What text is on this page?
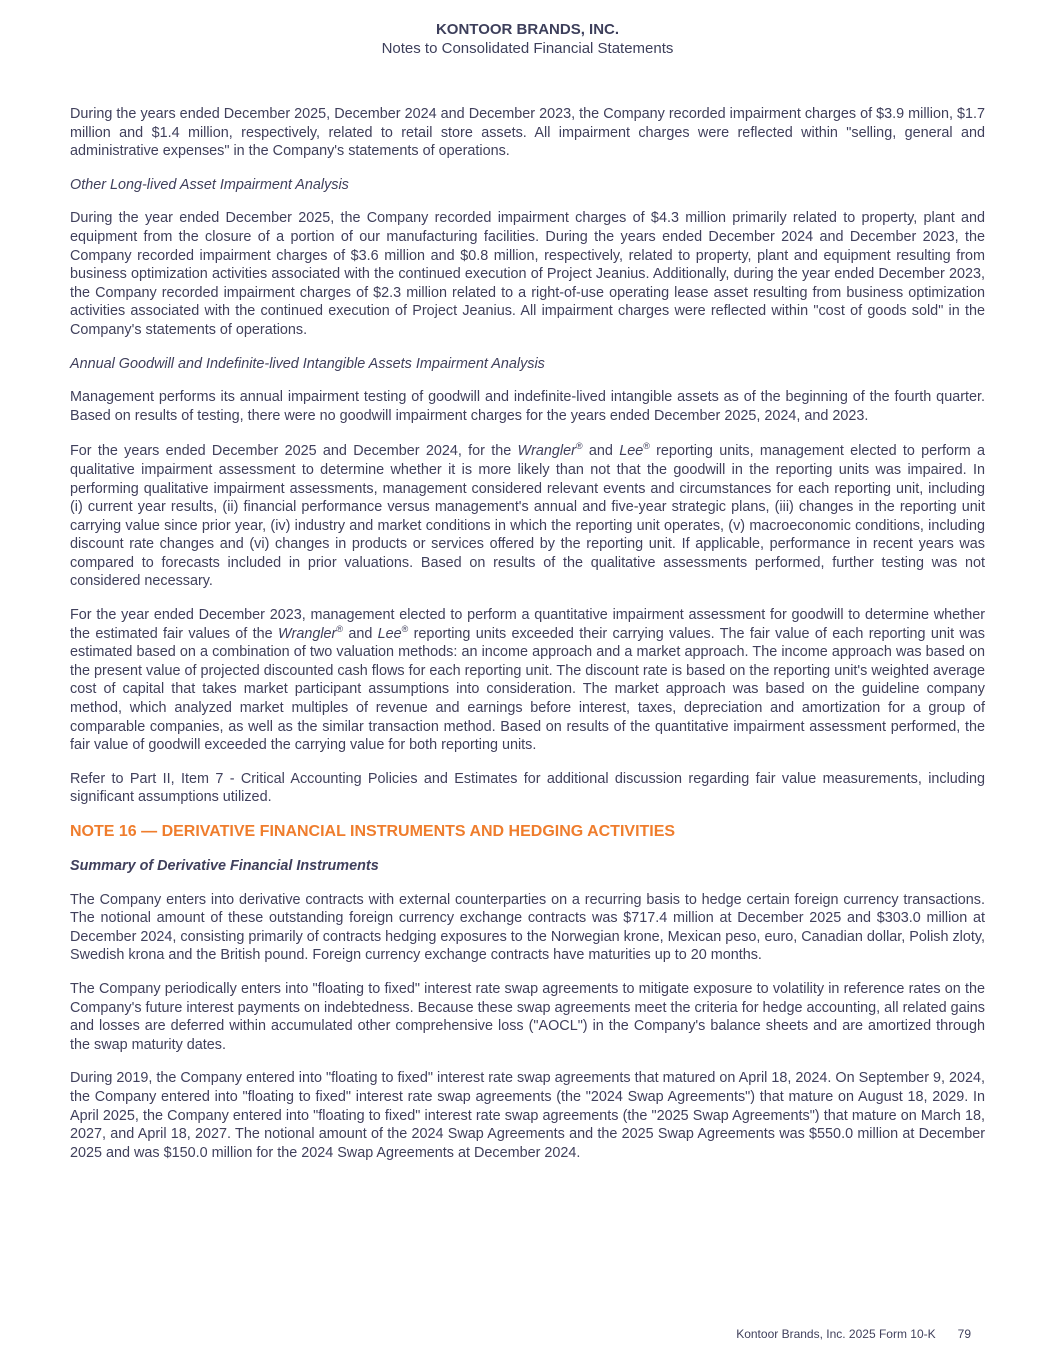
KONTOOR BRANDS, INC.
Notes to Consolidated Financial Statements

During the years ended December 2025, December 2024 and December 2023, the Company recorded impairment charges of $3.9 million, $1.7 million and $1.4 million, respectively, related to retail store assets. All impairment charges were reflected within "selling, general and administrative expenses" in the Company's statements of operations.

Other Long-lived Asset Impairment Analysis

During the year ended December 2025, the Company recorded impairment charges of $4.3 million primarily related to property, plant and equipment from the closure of a portion of our manufacturing facilities. During the years ended December 2024 and December 2023, the Company recorded impairment charges of $3.6 million and $0.8 million, respectively, related to property, plant and equipment resulting from business optimization activities associated with the continued execution of Project Jeanius. Additionally, during the year ended December 2023, the Company recorded impairment charges of $2.3 million related to a right-of-use operating lease asset resulting from business optimization activities associated with the continued execution of Project Jeanius. All impairment charges were reflected within "cost of goods sold" in the Company's statements of operations.

Annual Goodwill and Indefinite-lived Intangible Assets Impairment Analysis

Management performs its annual impairment testing of goodwill and indefinite-lived intangible assets as of the beginning of the fourth quarter. Based on results of testing, there were no goodwill impairment charges for the years ended December 2025, 2024, and 2023.

For the years ended December 2025 and December 2024, for the Wrangler® and Lee® reporting units, management elected to perform a qualitative impairment assessment to determine whether it is more likely than not that the goodwill in the reporting units was impaired. In performing qualitative impairment assessments, management considered relevant events and circumstances for each reporting unit, including (i) current year results, (ii) financial performance versus management's annual and five-year strategic plans, (iii) changes in the reporting unit carrying value since prior year, (iv) industry and market conditions in which the reporting unit operates, (v) macroeconomic conditions, including discount rate changes and (vi) changes in products or services offered by the reporting unit. If applicable, performance in recent years was compared to forecasts included in prior valuations. Based on results of the qualitative assessments performed, further testing was not considered necessary.

For the year ended December 2023, management elected to perform a quantitative impairment assessment for goodwill to determine whether the estimated fair values of the Wrangler® and Lee® reporting units exceeded their carrying values. The fair value of each reporting unit was estimated based on a combination of two valuation methods: an income approach and a market approach. The income approach was based on the present value of projected discounted cash flows for each reporting unit. The discount rate is based on the reporting unit's weighted average cost of capital that takes market participant assumptions into consideration. The market approach was based on the guideline company method, which analyzed market multiples of revenue and earnings before interest, taxes, depreciation and amortization for a group of comparable companies, as well as the similar transaction method. Based on results of the quantitative impairment assessment performed, the fair value of goodwill exceeded the carrying value for both reporting units.

Refer to Part II, Item 7 - Critical Accounting Policies and Estimates for additional discussion regarding fair value measurements, including significant assumptions utilized.

NOTE 16 — DERIVATIVE FINANCIAL INSTRUMENTS AND HEDGING ACTIVITIES

Summary of Derivative Financial Instruments

The Company enters into derivative contracts with external counterparties on a recurring basis to hedge certain foreign currency transactions. The notional amount of these outstanding foreign currency exchange contracts was $717.4 million at December 2025 and $303.0 million at December 2024, consisting primarily of contracts hedging exposures to the Norwegian krone, Mexican peso, euro, Canadian dollar, Polish zloty, Swedish krona and the British pound. Foreign currency exchange contracts have maturities up to 20 months.

The Company periodically enters into "floating to fixed" interest rate swap agreements to mitigate exposure to volatility in reference rates on the Company's future interest payments on indebtedness. Because these swap agreements meet the criteria for hedge accounting, all related gains and losses are deferred within accumulated other comprehensive loss ("AOCL") in the Company's balance sheets and are amortized through the swap maturity dates.

During 2019, the Company entered into "floating to fixed" interest rate swap agreements that matured on April 18, 2024. On September 9, 2024, the Company entered into "floating to fixed" interest rate swap agreements (the "2024 Swap Agreements") that mature on August 18, 2029. In April 2025, the Company entered into "floating to fixed" interest rate swap agreements (the "2025 Swap Agreements") that mature on March 18, 2027, and April 18, 2027. The notional amount of the 2024 Swap Agreements and the 2025 Swap Agreements was $550.0 million at December 2025 and was $150.0 million for the 2024 Swap Agreements at December 2024.

Kontoor Brands, Inc. 2025 Form 10-K 79
